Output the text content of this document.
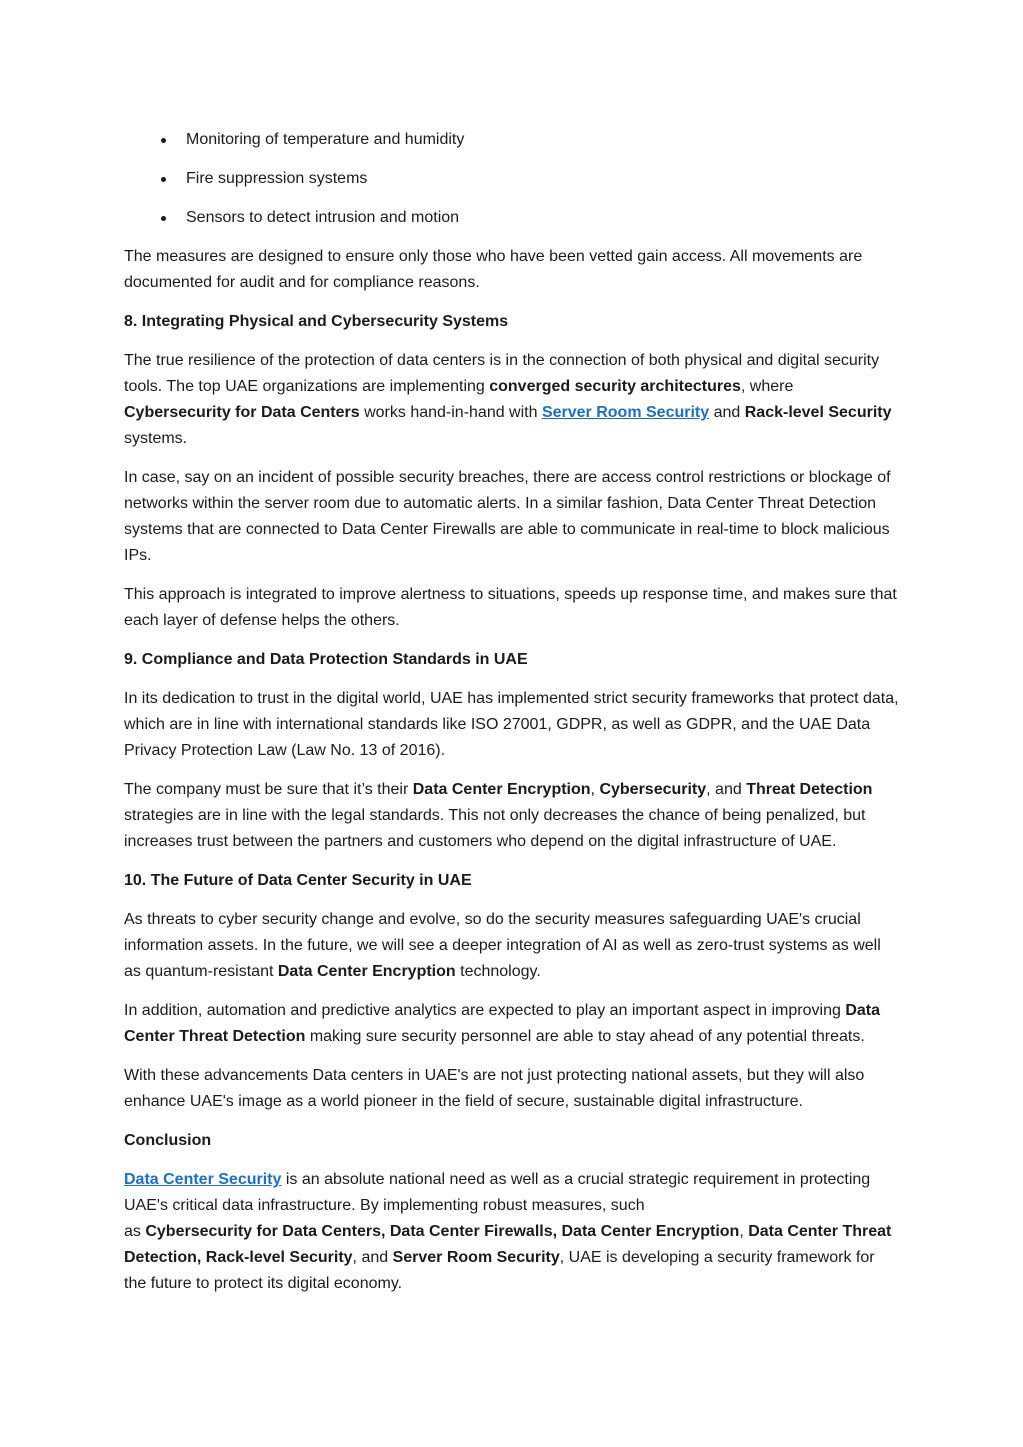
Monitoring of temperature and humidity
Fire suppression systems
Sensors to detect intrusion and motion

The measures are designed to ensure only those who have been vetted gain access. All movements are documented for audit and for compliance reasons.

8. Integrating Physical and Cybersecurity Systems

The true resilience of the protection of data centers is in the connection of both physical and digital security tools. The top UAE organizations are implementing converged security architectures, where Cybersecurity for Data Centers works hand-in-hand with Server Room Security and Rack-level Security systems.

In case, say on an incident of possible security breaches, there are access control restrictions or blockage of networks within the server room due to automatic alerts. In a similar fashion, Data Center Threat Detection systems that are connected to Data Center Firewalls are able to communicate in real-time to block malicious IPs.

This approach is integrated to improve alertness to situations, speeds up response time, and makes sure that each layer of defense helps the others.

9. Compliance and Data Protection Standards in UAE

In its dedication to trust in the digital world, UAE has implemented strict security frameworks that protect data, which are in line with international standards like ISO 27001, GDPR, as well as GDPR, and the UAE Data Privacy Protection Law (Law No. 13 of 2016).

The company must be sure that it’s their Data Center Encryption, Cybersecurity, and Threat Detection strategies are in line with the legal standards. This not only decreases the chance of being penalized, but increases trust between the partners and customers who depend on the digital infrastructure of UAE.

10. The Future of Data Center Security in UAE

As threats to cyber security change and evolve, so do the security measures safeguarding UAE's crucial information assets. In the future, we will see a deeper integration of AI as well as zero-trust systems as well as quantum-resistant Data Center Encryption technology.

In addition, automation and predictive analytics are expected to play an important aspect in improving Data Center Threat Detection making sure security personnel are able to stay ahead of any potential threats.

With these advancements Data centers in UAE's are not just protecting national assets, but they will also enhance UAE's image as a world pioneer in the field of secure, sustainable digital infrastructure.

Conclusion

Data Center Security is an absolute national need as well as a crucial strategic requirement in protecting UAE's critical data infrastructure. By implementing robust measures, such
as Cybersecurity for Data Centers, Data Center Firewalls, Data Center Encryption, Data Center Threat Detection, Rack-level Security, and Server Room Security, UAE is developing a security framework for the future to protect its digital economy.
